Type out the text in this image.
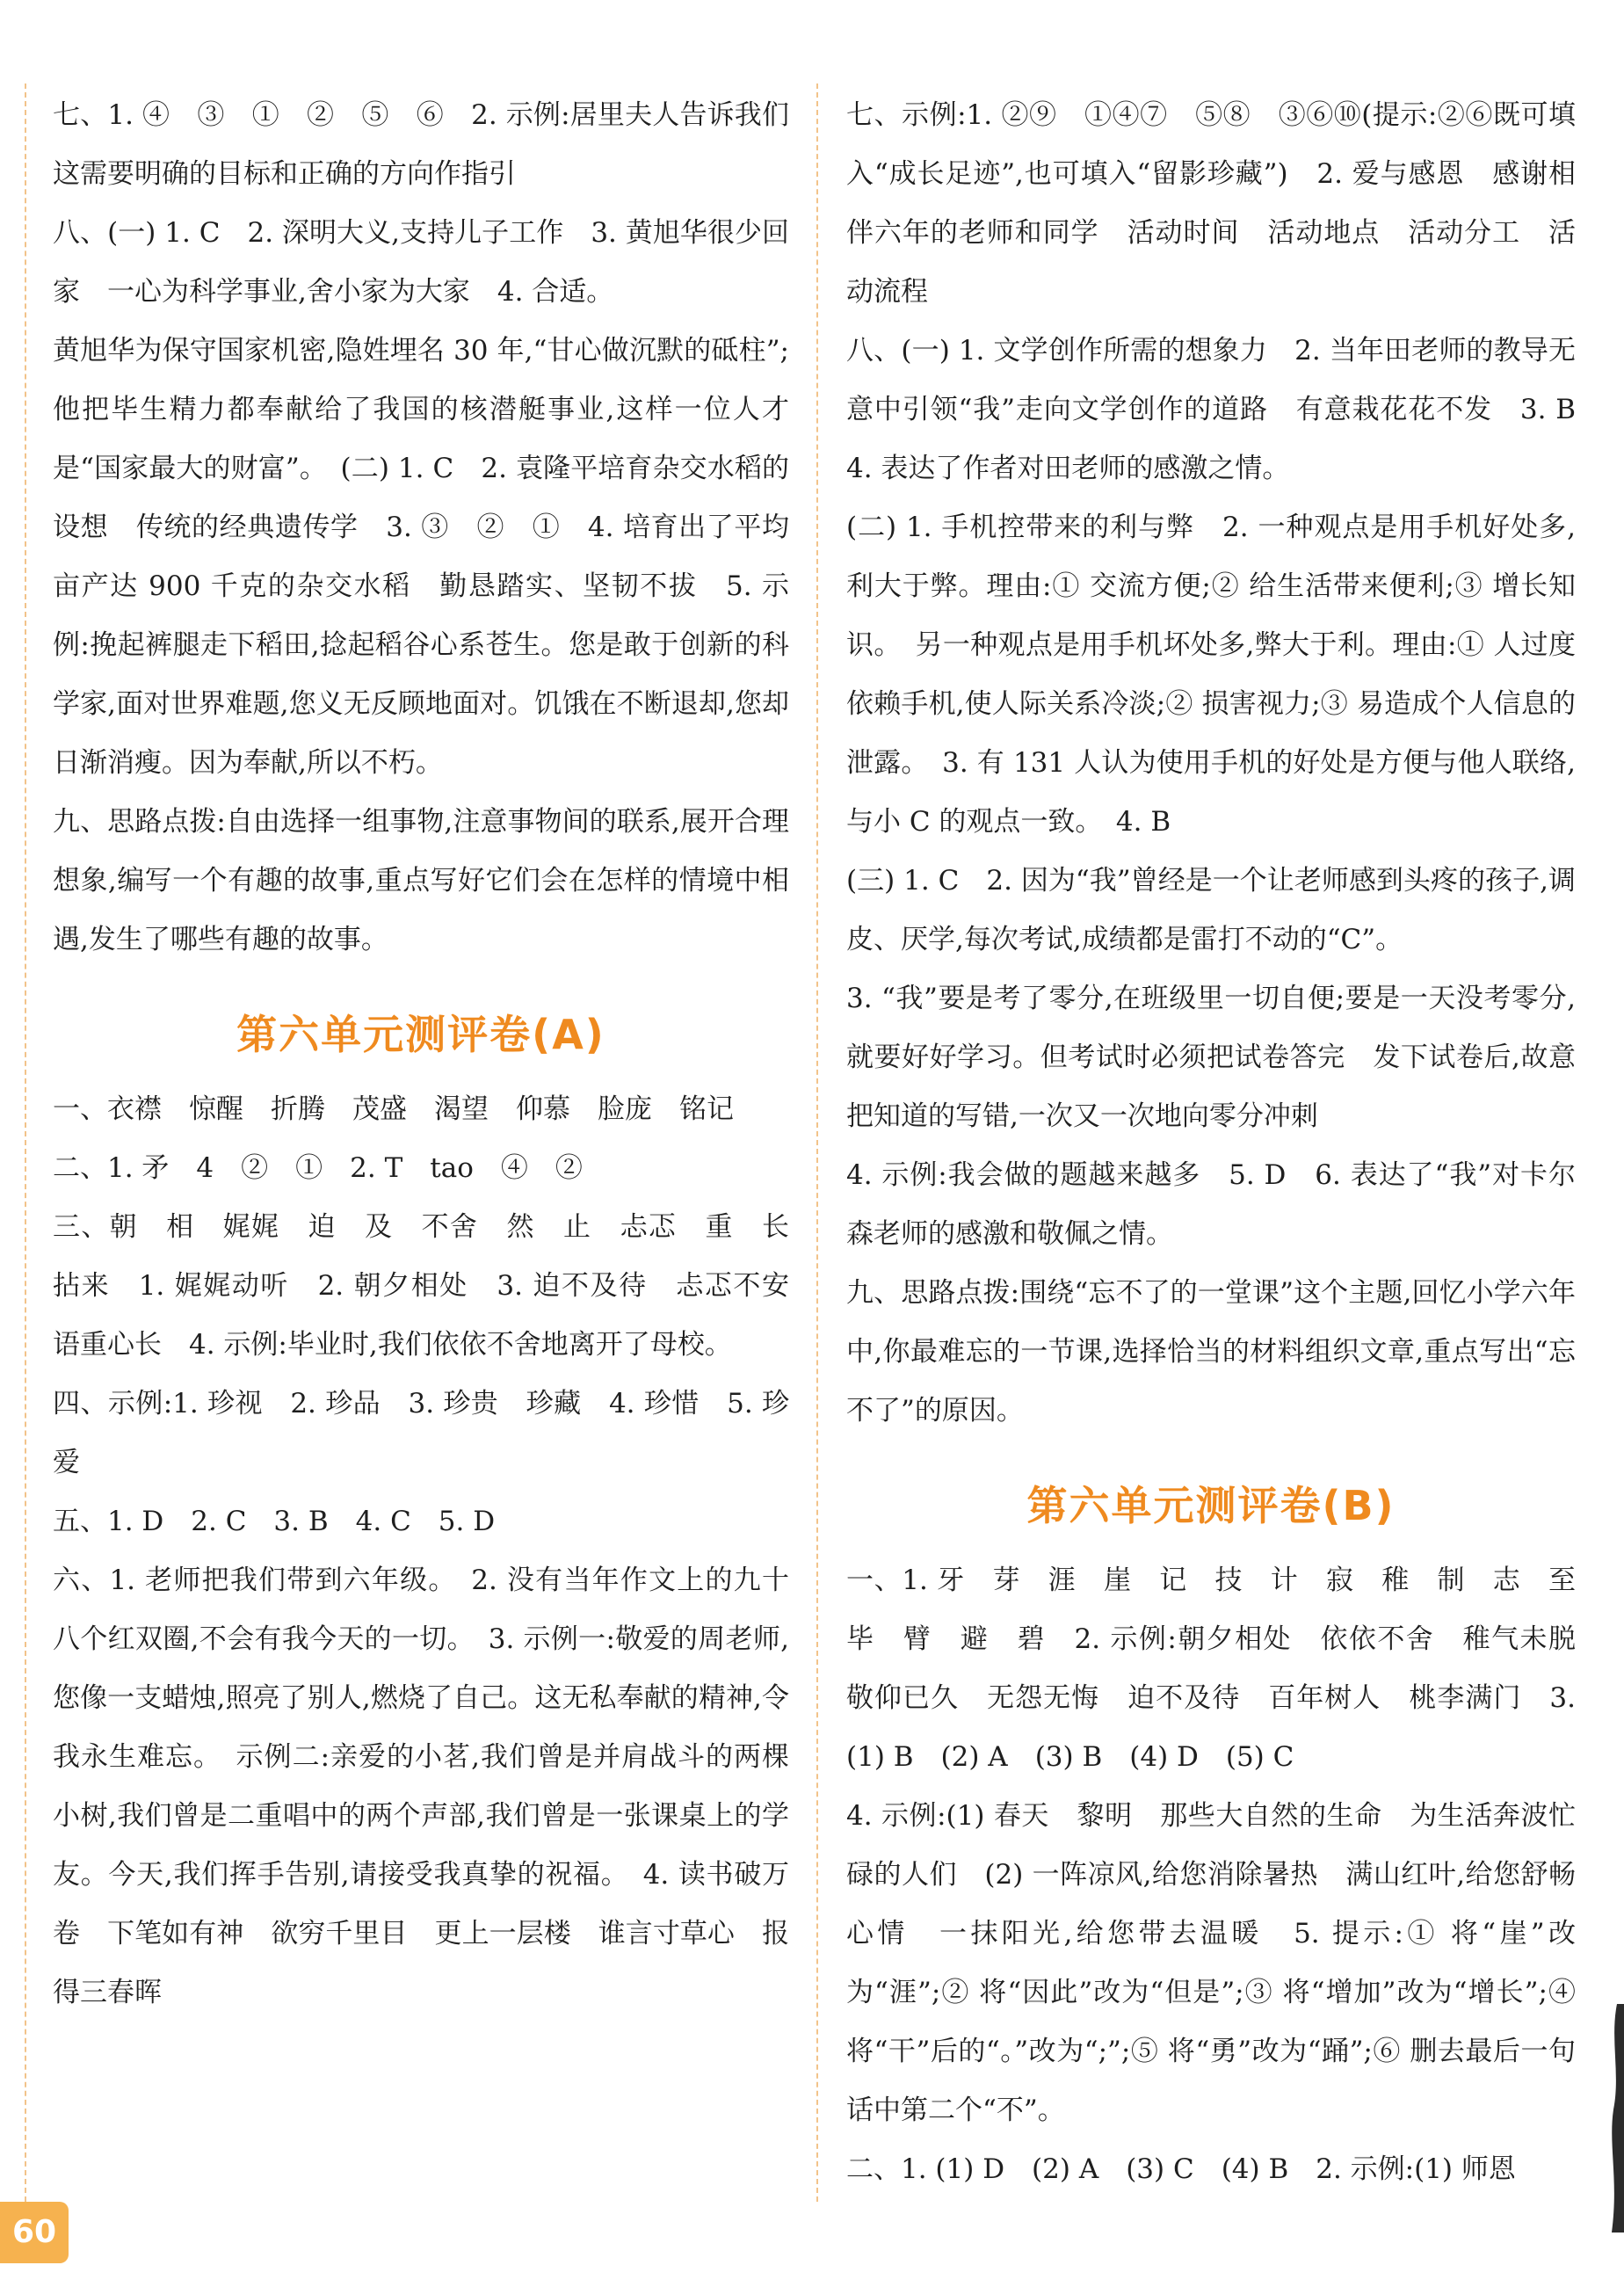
七、1. ④　③　①　②　⑤　⑥　2. 示例:居里夫人告诉我们　这需要明确的目标和正确的方向作指引

八、(一) 1. C　2. 深明大义,支持儿子工作　3. 黄旭华很少回家　一心为科学事业,舍小家为大家　4. 合适。

黄旭华为保守国家机密,隐姓埋名 30 年,“甘心做沉默的砥柱”;他把毕生精力都奉献给了我国的核潜艇事业,这样一位人才是“国家最大的财富”。　(二) 1. C　2. 袁隆平培育杂交水稻的设想　传统的经典遗传学　3. ③　②　①　4. 培育出了平均亩产达 900 千克的杂交水稻　勤恳踏实、坚韧不拔　5. 示例:挽起裤腿走下稻田,捻起稻谷心系苍生。您是敢于创新的科学家,面对世界难题,您义无反顾地面对。饥饿在不断退却,您却日渐消瘦。因为奉献,所以不朽。

九、思路点拨:自由选择一组事物,注意事物间的联系,展开合理想象,编写一个有趣的故事,重点写好它们会在怎样的情境中相遇,发生了哪些有趣的故事。

第六单元测评卷(A)

一、衣襟　惊醒　折腾　茂盛　渴望　仰慕　脸庞　铭记

二、1. 矛　4　②　①　2. T　tao　④　②

三、朝　相　娓娓　迫　及　不舍　然　止　忐忑　重　长　拈来　1. 娓娓动听　2. 朝夕相处　3. 迫不及待　忐忑不安　语重心长　4. 示例:毕业时,我们依依不舍地离开了母校。

四、示例:1. 珍视　2. 珍品　3. 珍贵　珍藏　4. 珍惜　5. 珍爱

五、1. D　2. C　3. B　4. C　5. D

六、1. 老师把我们带到六年级。　2. 没有当年作文上的九十八个红双圈,不会有我今天的一切。　3. 示例一:敬爱的周老师,您像一支蜡烛,照亮了别人,燃烧了自己。这无私奉献的精神,令我永生难忘。　示例二:亲爱的小茗,我们曾是并肩战斗的两棵小树,我们曾是二重唱中的两个声部,我们曾是一张课桌上的学友。今天,我们挥手告别,请接受我真挚的祝福。　4. 读书破万卷　下笔如有神　欲穷千里目　更上一层楼　谁言寸草心　报得三春晖

七、示例:1. ②⑨　①④⑦　⑤⑧　③⑥⑩(提示:②⑥既可填入“成长足迹”,也可填入“留影珍藏”)　2. 爱与感恩　感谢相伴六年的老师和同学　活动时间　活动地点　活动分工　活动流程

八、(一) 1. 文学创作所需的想象力　2. 当年田老师的教导无意中引领“我”走向文学创作的道路　有意栽花花不发　3. B　4. 表达了作者对田老师的感激之情。

(二) 1. 手机控带来的利与弊　2. 一种观点是用手机好处多,利大于弊。理由:① 交流方便;② 给生活带来便利;③ 增长知识。　另一种观点是用手机坏处多,弊大于利。理由:① 人过度依赖手机,使人际关系冷淡;② 损害视力;③ 易造成个人信息的泄露。　3. 有 131 人认为使用手机的好处是方便与他人联络,与小 C 的观点一致。　4. B

(三) 1. C　2. 因为“我”曾经是一个让老师感到头疼的孩子,调皮、厌学,每次考试,成绩都是雷打不动的“C”。

3. “我”要是考了零分,在班级里一切自便;要是一天没考零分,就要好好学习。但考试时必须把试卷答完　发下试卷后,故意把知道的写错,一次又一次地向零分冲刺

4. 示例:我会做的题越来越多　5. D　6. 表达了“我”对卡尔森老师的感激和敬佩之情。

九、思路点拨:围绕“忘不了的一堂课”这个主题,回忆小学六年中,你最难忘的一节课,选择恰当的材料组织文章,重点写出“忘不了”的原因。

第六单元测评卷(B)

一、1. 牙　芽　涯　崖　记　技　计　寂　稚　制　志　至　毕　臂　避　碧　2. 示例:朝夕相处　依依不舍　稚气未脱　敬仰已久　无怨无悔　迫不及待　百年树人　桃李满门　3. (1) B　(2) A　(3) B　(4) D　(5) C

4. 示例:(1) 春天　黎明　那些大自然的生命　为生活奔波忙碌的人们　(2) 一阵凉风,给您消除暑热　满山红叶,给您舒畅心情　一抹阳光,给您带去温暖　5. 提示:① 将“崖”改为“涯”;② 将“因此”改为“但是”;③ 将“增加”改为“增长”;④ 将“干”后的“。”改为“;”;⑤ 将“勇”改为“踊”;⑥ 删去最后一句话中第二个“不”。

二、1. (1) D　(2) A　(3) C　(4) B　2. 示例:(1) 师恩

60
